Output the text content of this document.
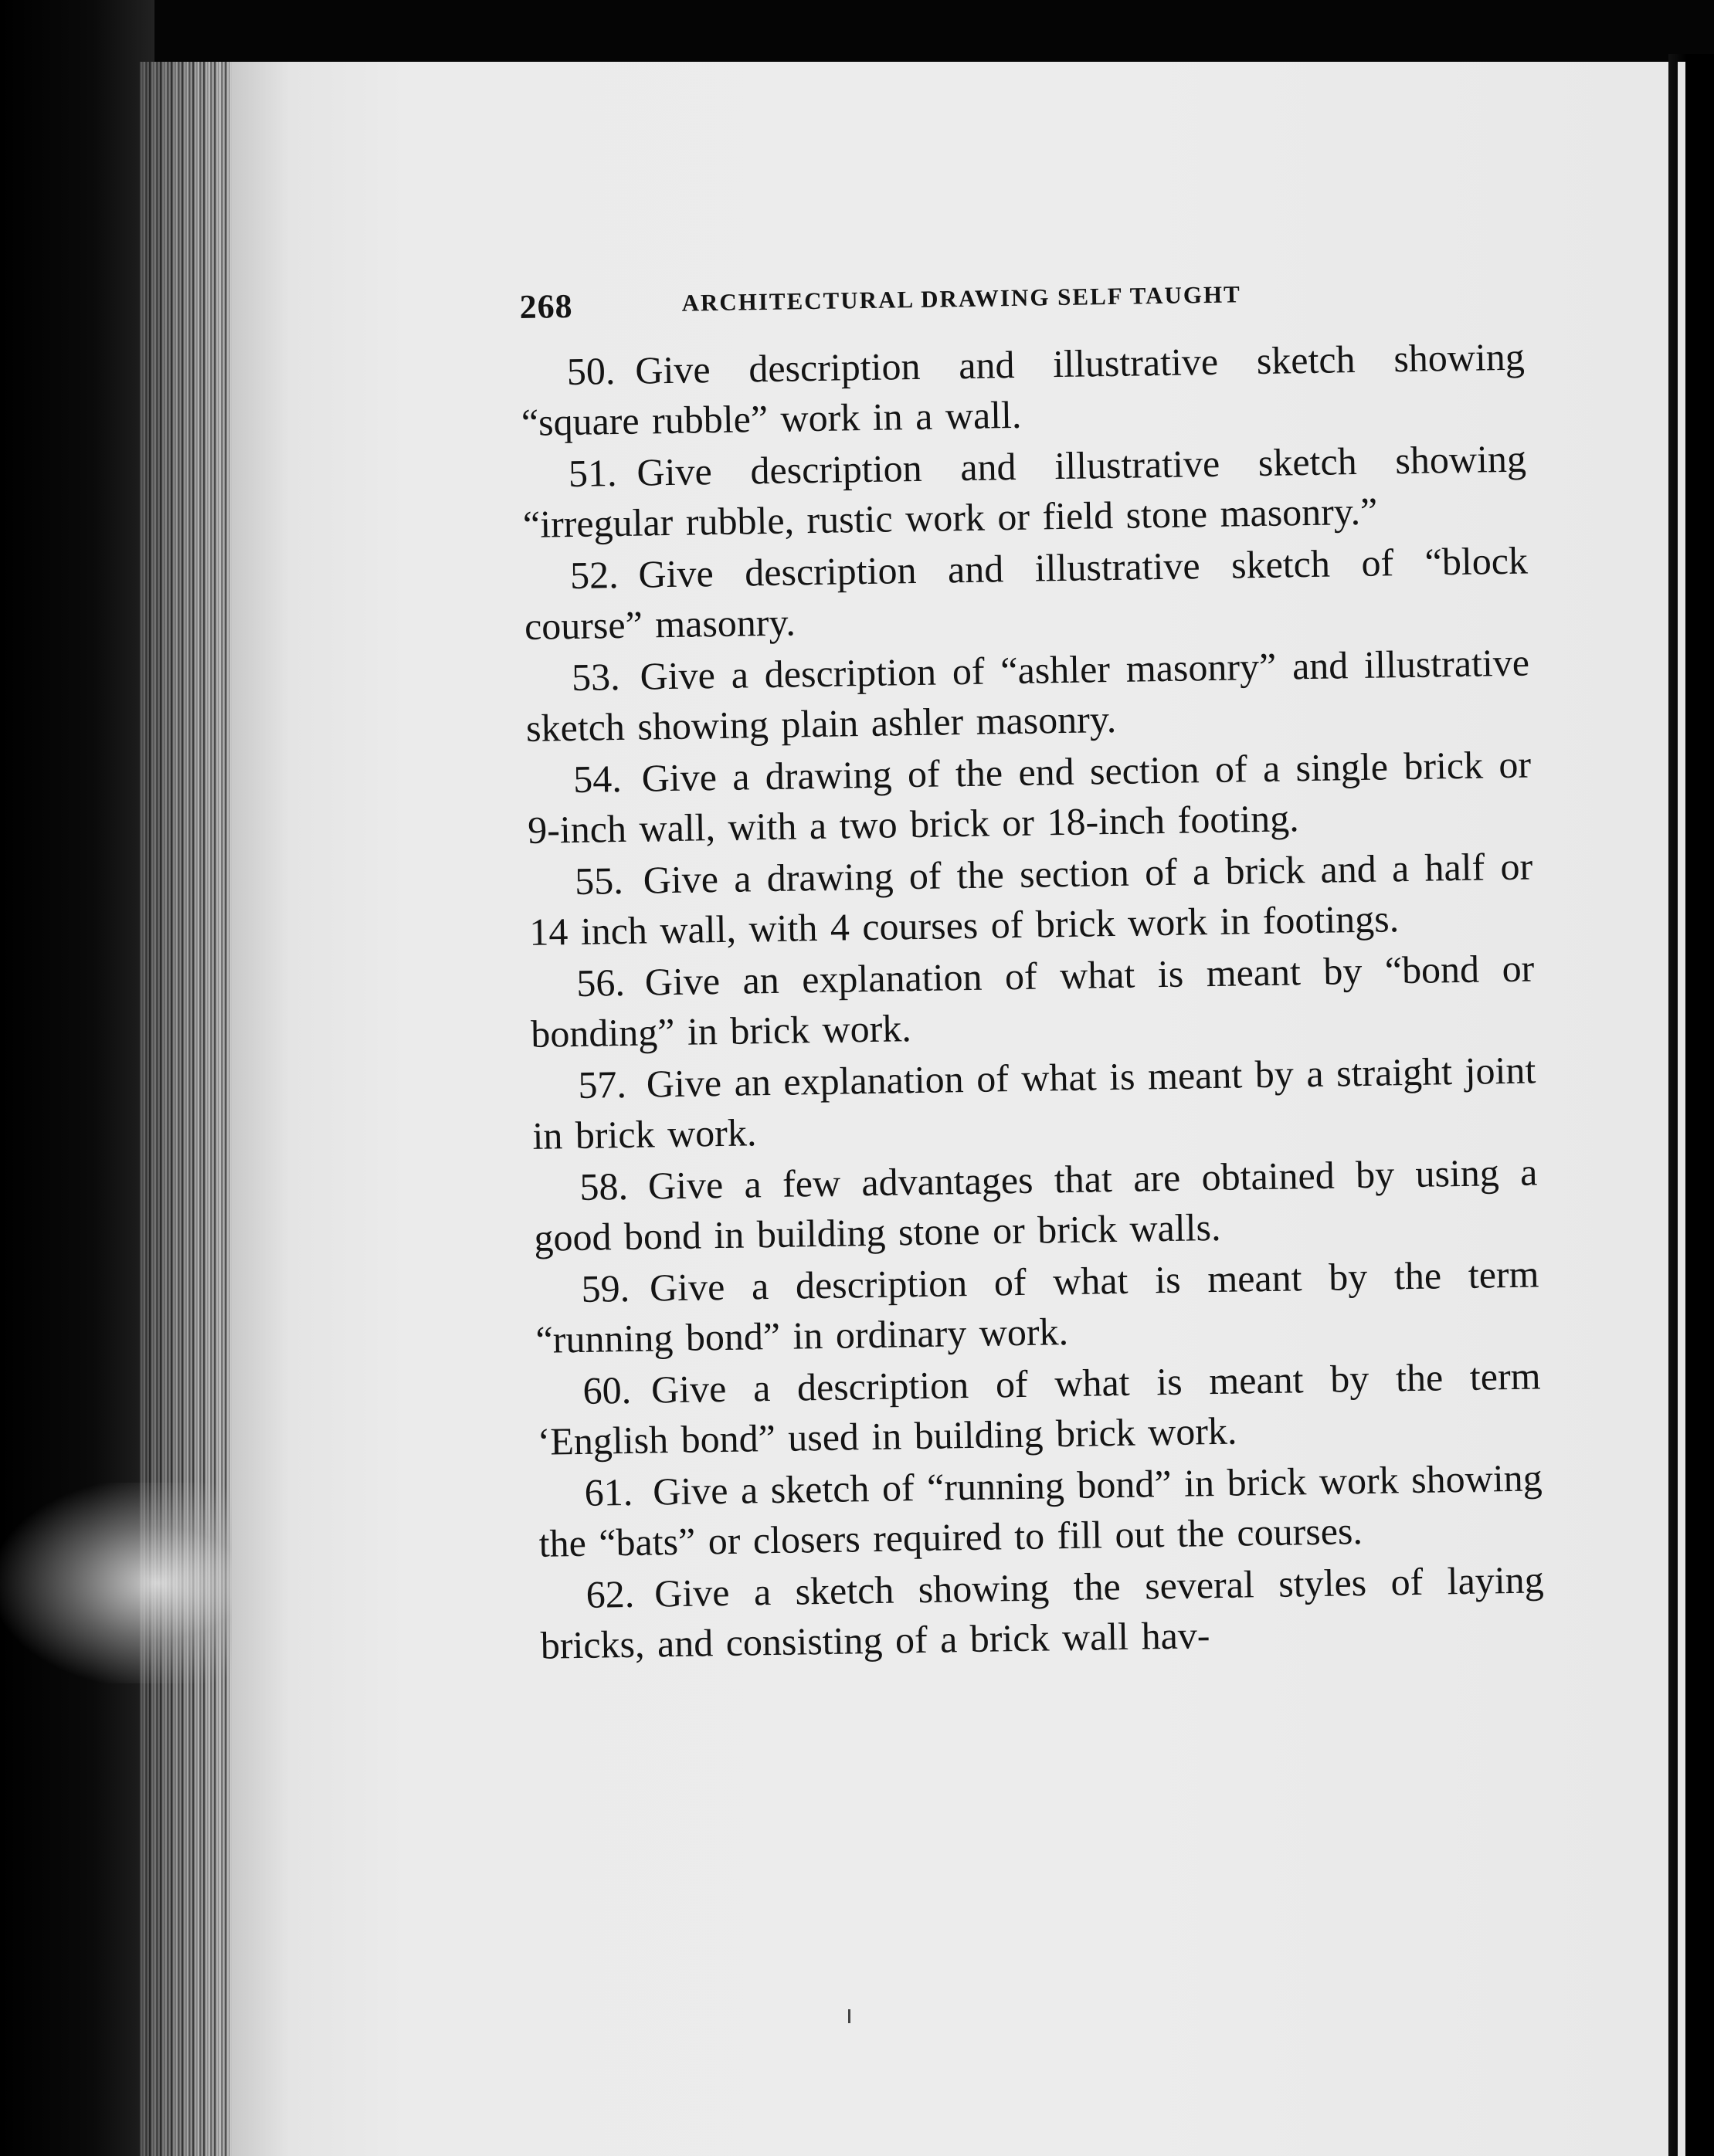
268	ARCHITECTURAL DRAWING SELF TAUGHT

50. Give description and illustrative sketch showing “square rubble” work in a wall.

51. Give description and illustrative sketch showing “irregular rubble, rustic work or field stone masonry.”

52. Give description and illustrative sketch of “block course” masonry.

53. Give a description of “ashler masonry” and illustrative sketch showing plain ashler masonry.

54. Give a drawing of the end section of a single brick or 9-inch wall, with a two brick or 18-inch footing.

55. Give a drawing of the section of a brick and a half or 14 inch wall, with 4 courses of brick work in footings.

56. Give an explanation of what is meant by “bond or bonding” in brick work.

57. Give an explanation of what is meant by a straight joint in brick work.

58. Give a few advantages that are obtained by using a good bond in building stone or brick walls.

59. Give a description of what is meant by the term “running bond” in ordinary work.

60. Give a description of what is meant by the term ‘English bond” used in building brick work.

61. Give a sketch of “running bond” in brick work showing the “bats” or closers required to fill out the courses.

62. Give a sketch showing the several styles of laying bricks, and consisting of a brick wall hav-
